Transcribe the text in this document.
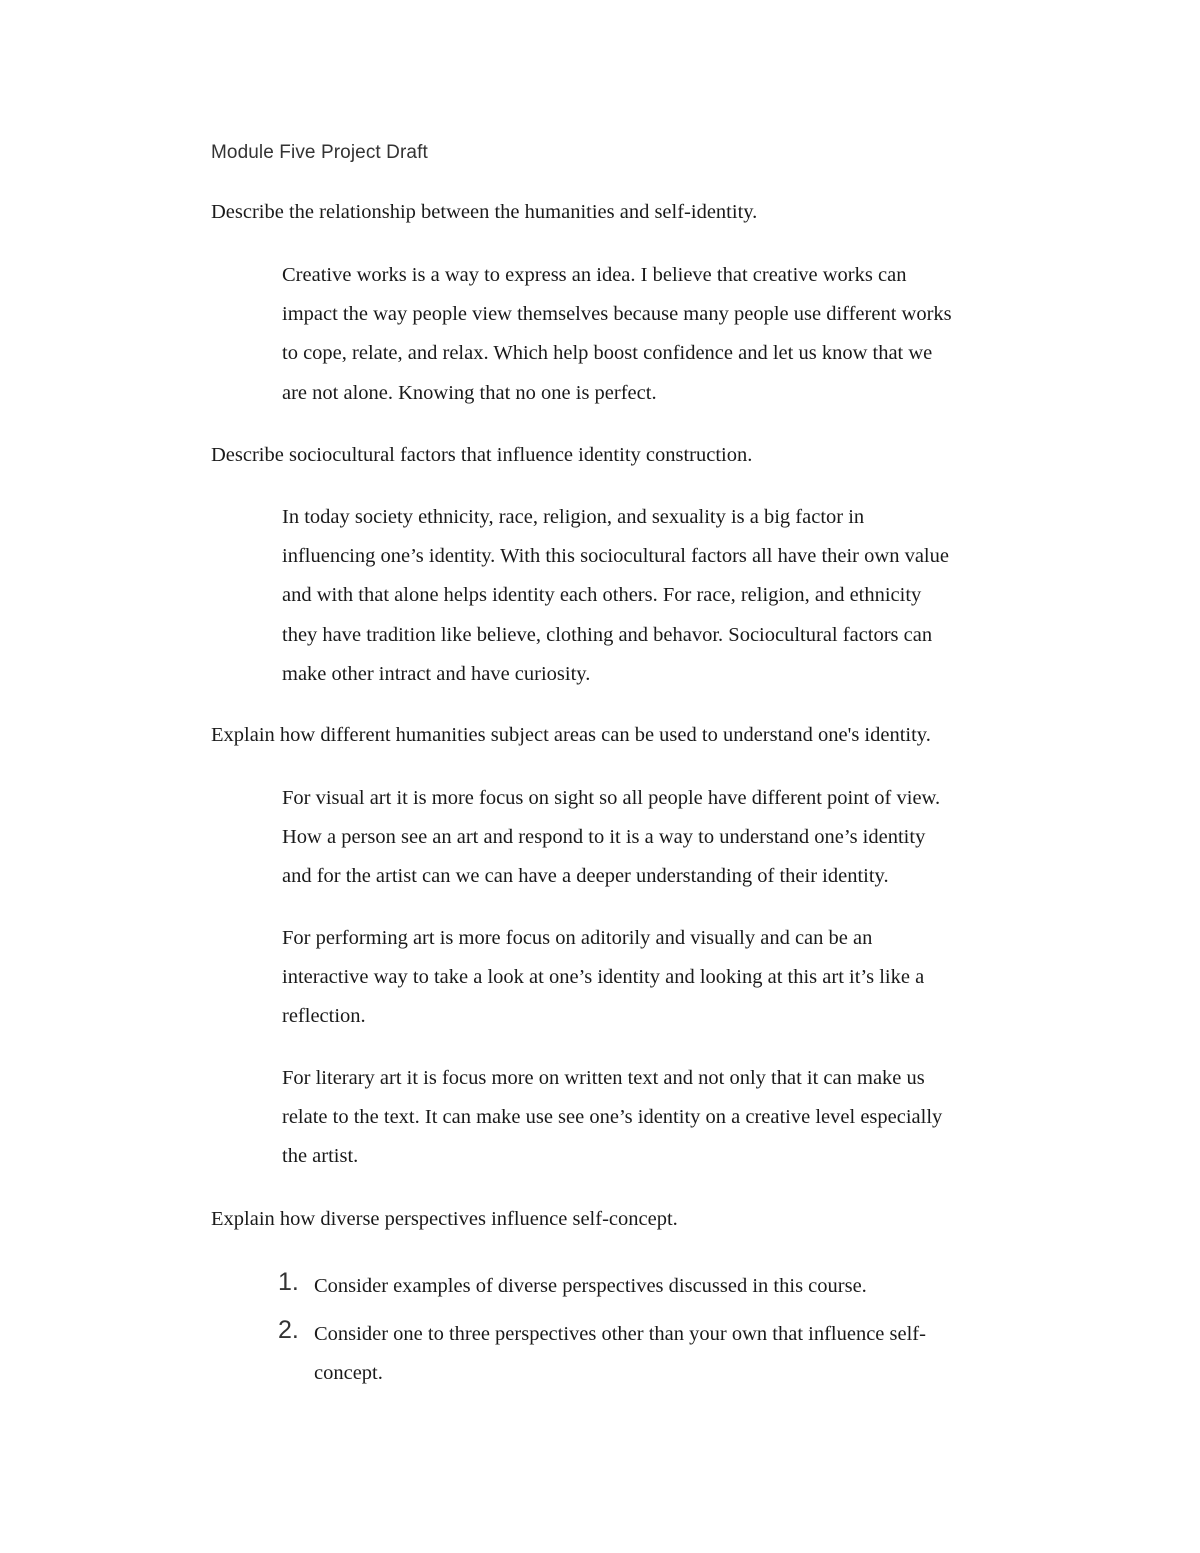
Module Five Project Draft
Describe the relationship between the humanities and self-identity.
Creative works is a way to express an idea. I believe that creative works can
impact the way people view themselves because many people use different works
to cope, relate, and relax. Which help boost confidence and let us know that we
are not alone. Knowing that no one is perfect.
Describe sociocultural factors that influence identity construction.
In today society ethnicity, race, religion, and sexuality is a big factor in
influencing one’s identity. With this sociocultural factors all have their own value
and with that alone helps identity each others. For race, religion, and ethnicity
they have tradition like believe, clothing and behavor. Sociocultural factors can
make other intract and have curiosity.
Explain how different humanities subject areas can be used to understand one's identity.
For visual art it is more focus on sight so all people have different point of view.
How a person see an art and respond to it is a way to understand one’s identity
and for the artist can we can have a deeper understanding of their identity.
For performing art is more focus on aditorily and visually and can be an
interactive way to take a look at one’s identity and looking at this art it’s like a
reflection.
For literary art it is focus more on written text and not only that it can make us
relate to the text. It can make use see one’s identity on a creative level especially
the artist.
Explain how diverse perspectives influence self-concept.
1. Consider examples of diverse perspectives discussed in this course.
2. Consider one to three perspectives other than your own that influence self-
concept.
